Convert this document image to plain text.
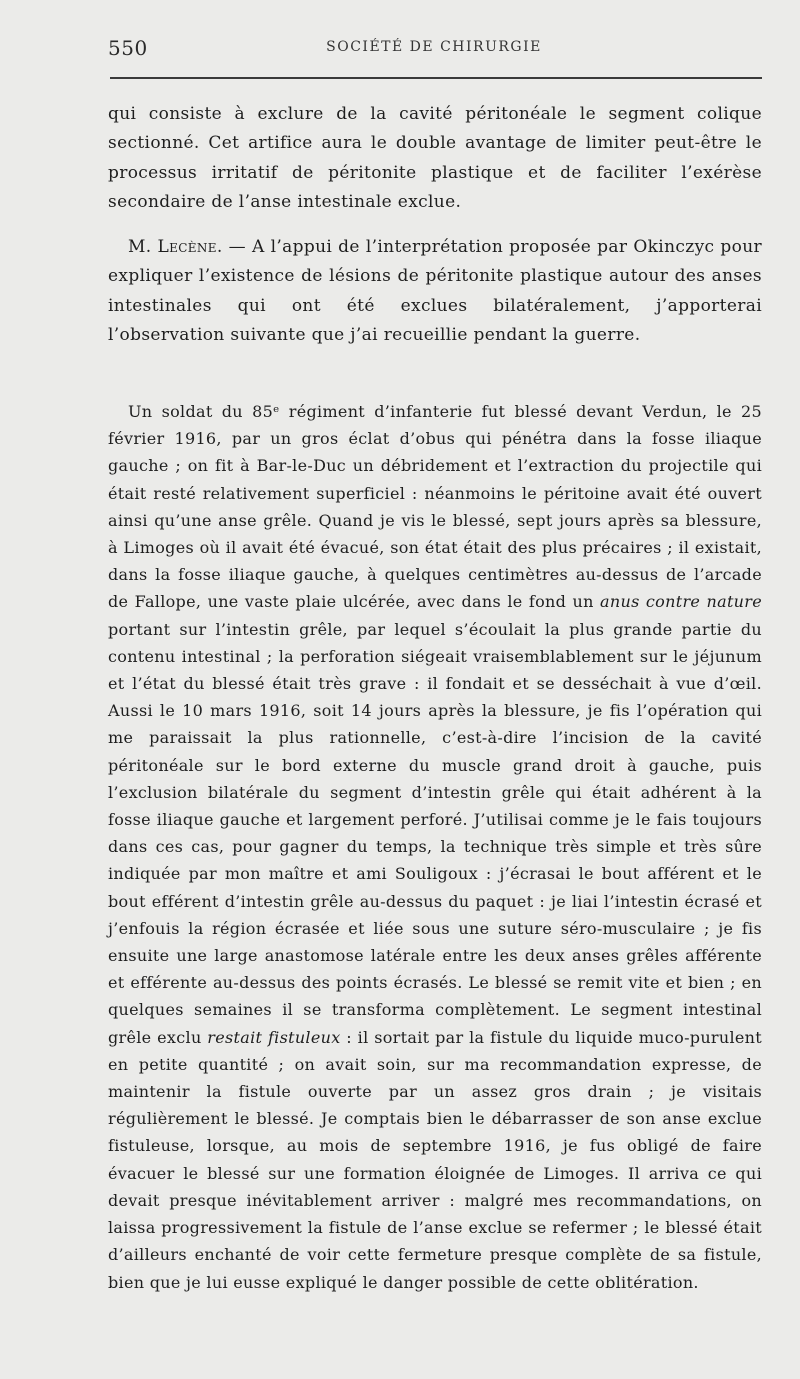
550	SOCIÉTÉ DE CHIRURGIE

qui consiste à exclure de la cavité péritonéale le segment colique sectionné. Cet artifice aura le double avantage de limiter peut-être le processus irritatif de péritonite plastique et de faciliter l’exérèse secondaire de l’anse intestinale exclue.

M. Lecène. — A l’appui de l’interprétation proposée par Okinczyc pour expliquer l’existence de lésions de péritonite plastique autour des anses intestinales qui ont été exclues bilatéralement, j’apporterai l’observation suivante que j’ai recueillie pendant la guerre.

Un soldat du 85ᵉ régiment d’infanterie fut blessé devant Verdun, le 25 février 1916, par un gros éclat d’obus qui pénétra dans la fosse iliaque gauche ; on fit à Bar-le-Duc un débridement et l’extraction du projectile qui était resté relativement superficiel : néanmoins le péritoine avait été ouvert ainsi qu’une anse grêle. Quand je vis le blessé, sept jours après sa blessure, à Limoges où il avait été évacué, son état était des plus précaires ; il existait, dans la fosse iliaque gauche, à quelques centimètres au-dessus de l’arcade de Fallope, une vaste plaie ulcérée, avec dans le fond un anus contre nature portant sur l’intestin grêle, par lequel s’écoulait la plus grande partie du contenu intestinal ; la perforation siégeait vraisemblablement sur le jéjunum et l’état du blessé était très grave : il fondait et se desséchait à vue d’œil. Aussi le 10 mars 1916, soit 14 jours après la blessure, je fis l’opération qui me paraissait la plus rationnelle, c’est-à-dire l’incision de la cavité péritonéale sur le bord externe du muscle grand droit à gauche, puis l’exclusion bilatérale du segment d’intestin grêle qui était adhérent à la fosse iliaque gauche et largement perforé. J’utilisai comme je le fais toujours dans ces cas, pour gagner du temps, la technique très simple et très sûre indiquée par mon maître et ami Souligoux : j’écrasai le bout afférent et le bout efférent d’intestin grêle au-dessus du paquet : je liai l’intestin écrasé et j’enfouis la région écrasée et liée sous une suture séro-musculaire ; je fis ensuite une large anastomose latérale entre les deux anses grêles afférente et efférente au-dessus des points écrasés. Le blessé se remit vite et bien ; en quelques semaines il se transforma complètement. Le segment intestinal grêle exclu restait fistuleux : il sortait par la fistule du liquide muco-purulent en petite quantité ; on avait soin, sur ma recommandation expresse, de maintenir la fistule ouverte par un assez gros drain ; je visitais régulièrement le blessé. Je comptais bien le débarrasser de son anse exclue fistuleuse, lorsque, au mois de septembre 1916, je fus obligé de faire évacuer le blessé sur une formation éloignée de Limoges. Il arriva ce qui devait presque inévitablement arriver : malgré mes recommandations, on laissa progressivement la fistule de l’anse exclue se refermer ; le blessé était d’ailleurs enchanté de voir cette fermeture presque complète de sa fistule, bien que je lui eusse expliqué le danger possible de cette oblitération.
